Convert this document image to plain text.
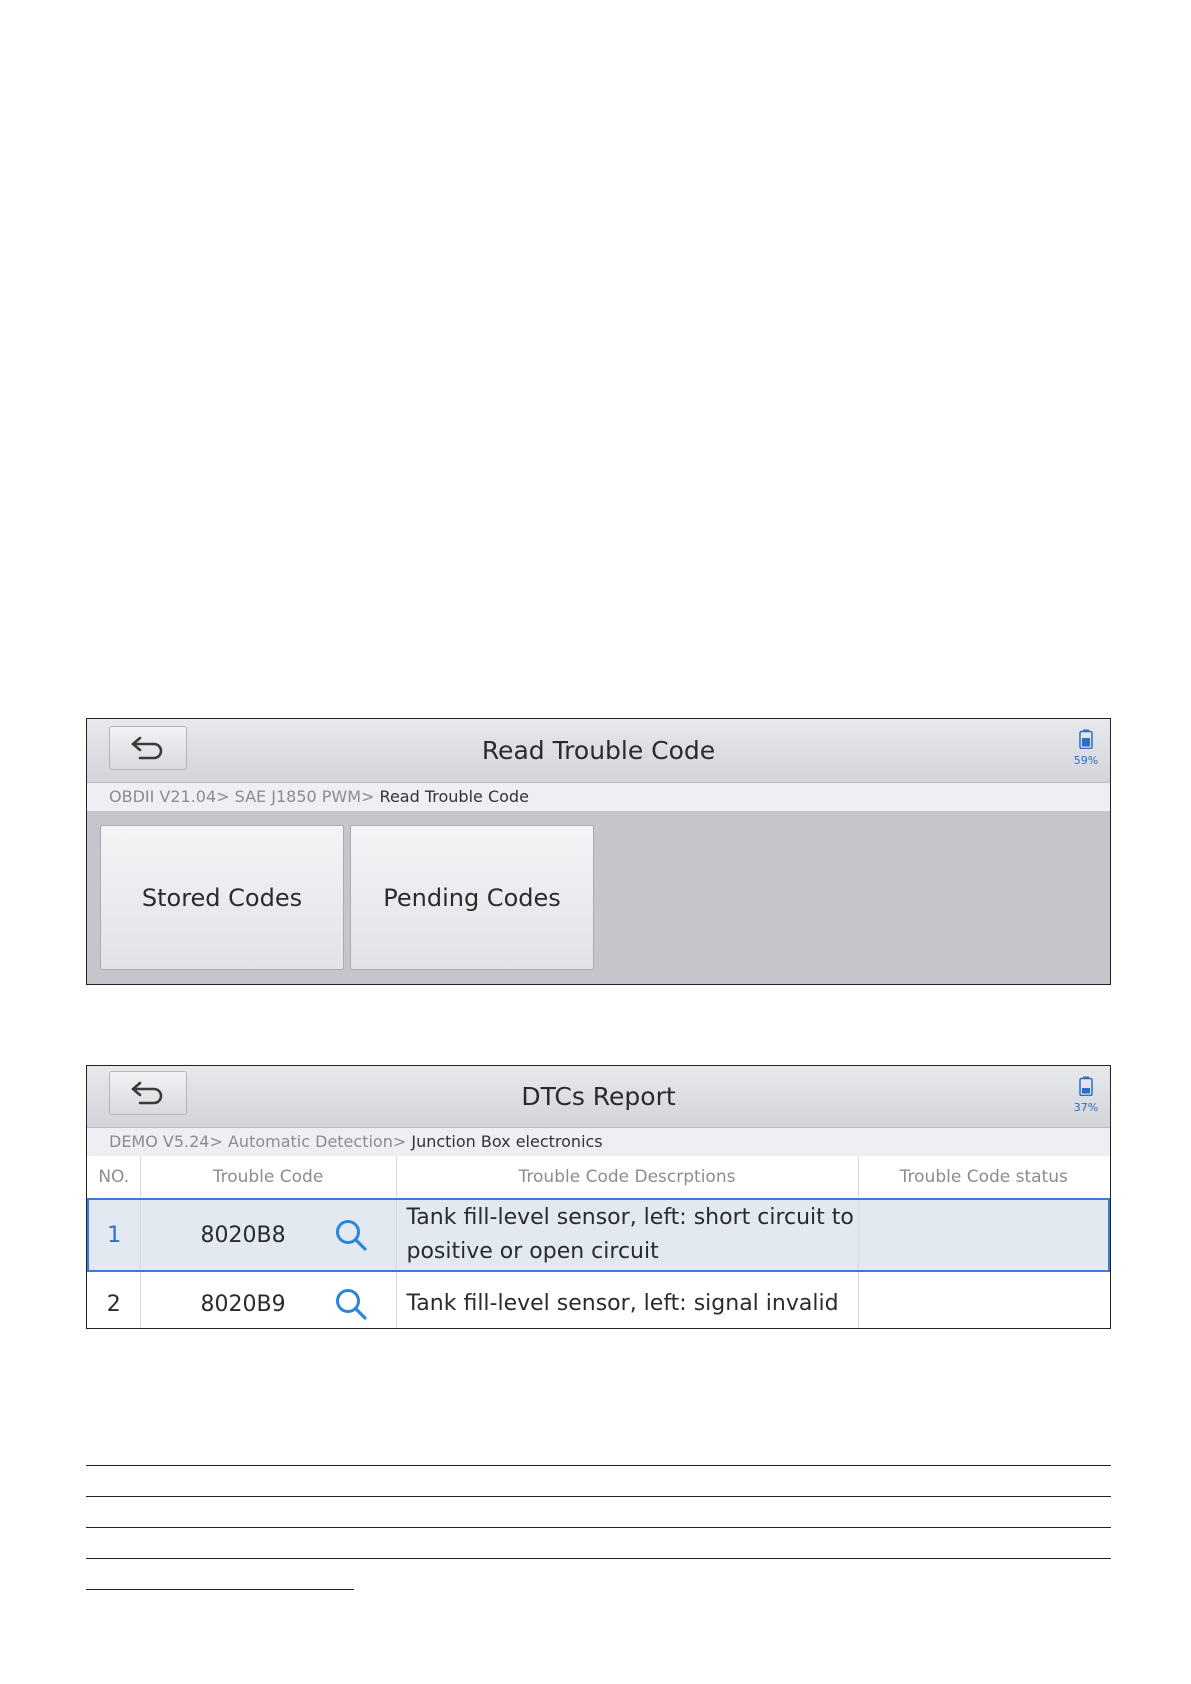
Read Trouble Code	59%
OBDII V21.04> SAE J1850 PWM> Read Trouble Code
Stored Codes	Pending Codes
DTCs Report	37%
DEMO V5.24> Automatic Detection> Junction Box electronics
NO.	Trouble Code	Trouble Code Descrptions	Trouble Code status
1	8020B8	Tank fill-level sensor, left: short circuit to positive or open circuit	
2	8020B9	Tank fill-level sensor, left: signal invalid	
